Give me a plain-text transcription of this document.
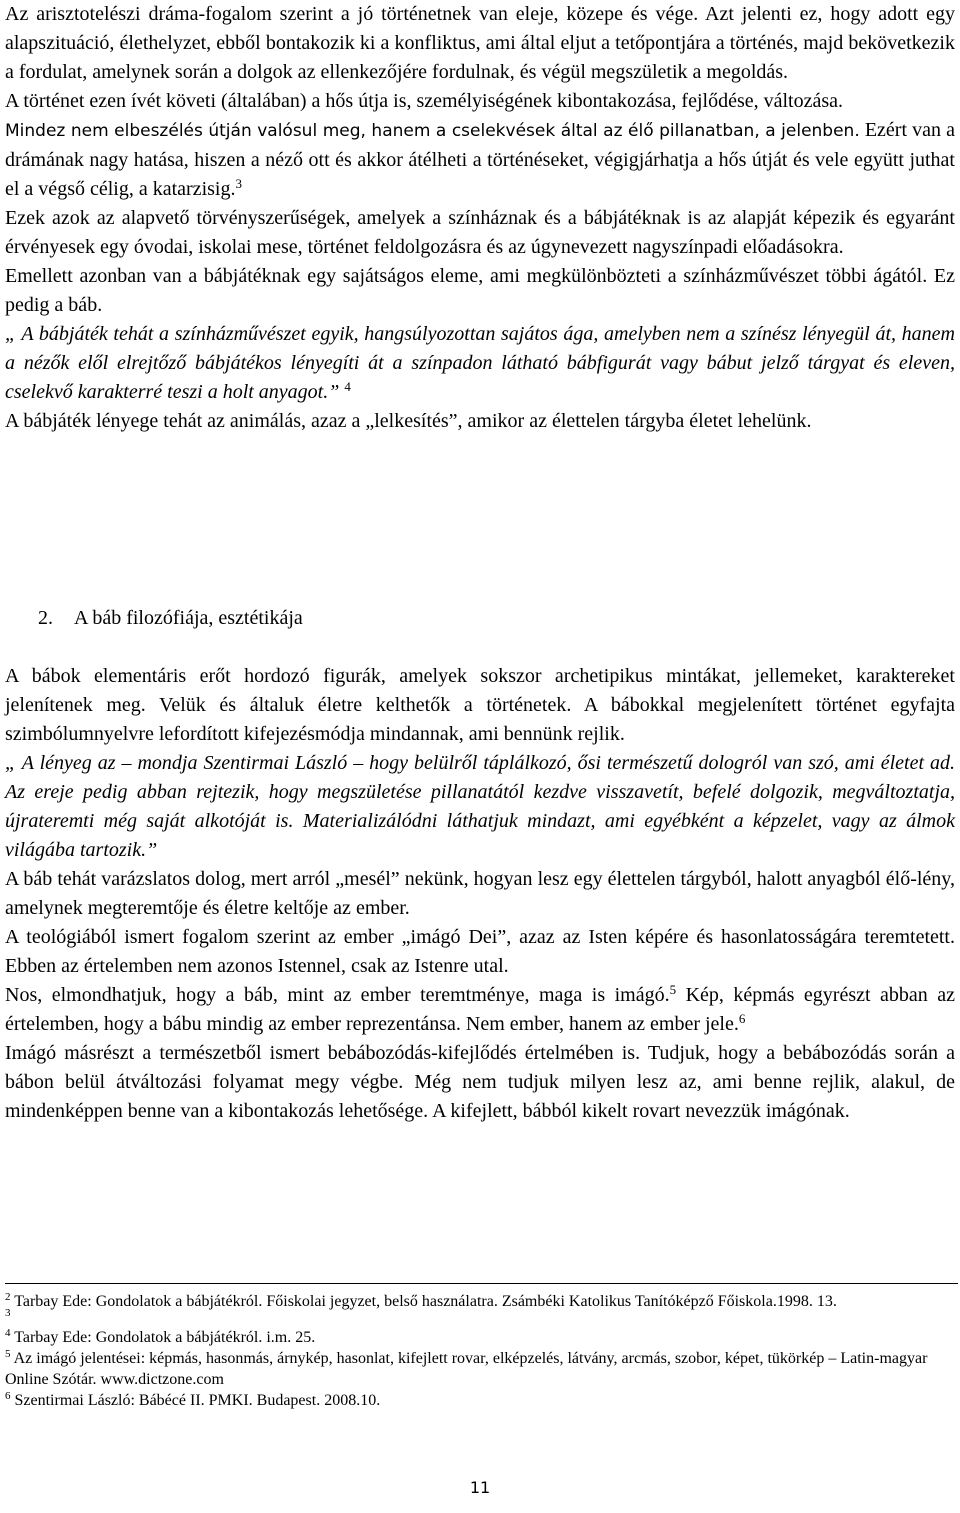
Az arisztotelészi dráma-fogalom szerint a jó történetnek van eleje, közepe és vége. Azt jelenti ez, hogy adott egy alapszituáció, élethelyzet, ebből bontakozik ki a konfliktus, ami által eljut a tetőpontjára a történés, majd bekövetkezik a fordulat, amelynek során a dolgok az ellenkezőjére fordulnak, és végül megszületik a megoldás.

A történet ezen ívét követi (általában) a hős útja is, személyiségének kibontakozása, fejlődése, változása.

Mindez nem elbeszélés útján valósul meg, hanem a cselekvések által az élő pillanatban, a jelenben. Ezért van a drámának nagy hatása, hiszen a néző ott és akkor átélheti a történéseket, végigjárhatja a hős útját és vele együtt juthat el a végső célig, a katarzisig.$^3$

Ezek azok az alapvető törvényszerűségek, amelyek a színháznak és a bábjátéknak is az alapját képezik és egyaránt érvényesek egy óvodai, iskolai mese, történet feldolgozásra és az úgynevezett nagyszínpadi előadásokra.

Emellett azonban van a bábjátéknak egy sajátságos eleme, ami megkülönbözteti a színházművészet többi ágától. Ez pedig a báb.

„ A bábjáték tehát a színházművészet egyik, hangsúlyozottan sajátos ága, amelyben nem a színész lényegül át, hanem a nézők elől elrejtőző bábjátékos lényegíti át a színpadon látható bábfigurát vagy bábut jelző tárgyat és eleven, cselekvő karakterré teszi a holt anyagot.” $^4$

A bábjáték lényege tehát az animálás, azaz a „lelkesítés”, amikor az élettelen tárgyba életet lehelünk.

2. A báb filozófiája, esztétikája

A bábok elementáris erőt hordozó figurák, amelyek sokszor archetipikus mintákat, jellemeket, karaktereket jelenítenek meg. Velük és általuk életre kelthetők a történetek. A bábokkal megjelenített történet egyfajta szimbólumnyelvre lefordított kifejezésmódja mindannak, ami bennünk rejlik.

„ A lényeg az – mondja Szentirmai László – hogy belülről táplálkozó, ősi természetű dologról van szó, ami életet ad. Az ereje pedig abban rejtezik, hogy megszületése pillanatától kezdve visszavetít, befelé dolgozik, megváltoztatja, újrateremti még saját alkotóját is. Materializálódni láthatjuk mindazt, ami egyébként a képzelet, vagy az álmok világába tartozik.”

A báb tehát varázslatos dolog, mert arról „mesél” nekünk, hogyan lesz egy élettelen tárgyból, halott anyagból élő-lény, amelynek megteremtője és életre keltője az ember.

A teológiából ismert fogalom szerint az ember „imágó Dei”, azaz az Isten képére és hasonlatosságára teremtetett. Ebben az értelemben nem azonos Istennel, csak az Istenre utal.

Nos, elmondhatjuk, hogy a báb, mint az ember teremtménye, maga is imágó.$^5$ Kép, képmás egyrészt abban az értelemben, hogy a bábu mindig az ember reprezentánsa. Nem ember, hanem az ember jele.$^6$

Imágó másrészt a természetből ismert bebábozódás-kifejlődés értelmében is. Tudjuk, hogy a bebábozódás során a bábon belül átváltozási folyamat megy végbe. Még nem tudjuk milyen lesz az, ami benne rejlik, alakul, de mindenképpen benne van a kibontakozás lehetősége. A kifejlett, bábból kikelt rovart nevezzük imágónak.

$^2$ Tarbay Ede: Gondolatok a bábjátékról. Főiskolai jegyzet, belső használatra. Zsámbéki Katolikus Tanítóképző Főiskola.1998. 13.

$^3$

$^4$ Tarbay Ede: Gondolatok a bábjátékról. i.m. 25.

$^5$ Az imágó jelentései: képmás, hasonmás, árnykép, hasonlat, kifejlett rovar, elképzelés, látvány, arcmás, szobor, képet, tükörkép – Latin-magyar Online Szótár. www.dictzone.com

$^6$ Szentirmai László: Bábécé II. PMKI. Budapest. 2008.10.

11
